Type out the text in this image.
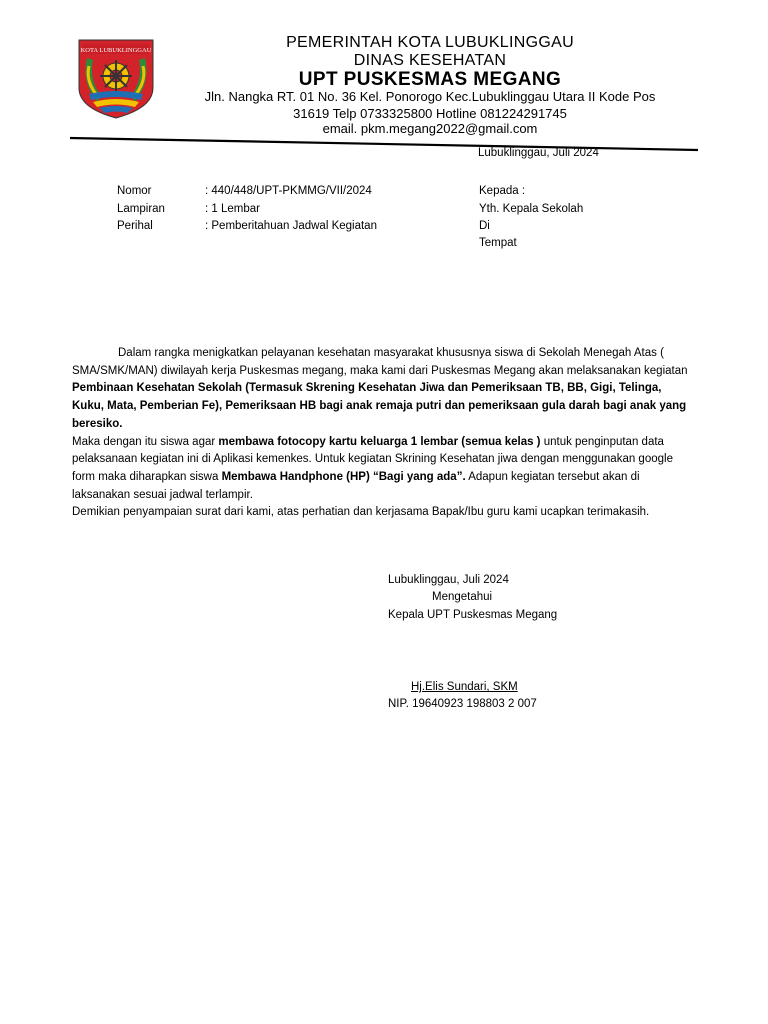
KOTA LUBUKLINGGAU	PEMERINTAH KOTA LUBUKLINGGAU
DINAS KESEHATAN
UPT PUSKESMAS MEGANG
Jln. Nangka RT. 01 No. 36 Kel. Ponorogo Kec.Lubuklinggau Utara II Kode Pos
31619 Telp 0733325800 Hotline 081224291745
email. pkm.megang2022@gmail.com
Lubuklinggau, Juli 2024
Nomor	: 440/448/UPT-PKMMG/VII/2024
Lampiran	: 1 Lembar
Perihal	: Pemberitahuan Jadwal Kegiatan
Kepada :
Yth. Kepala Sekolah
Di
Tempat

Dalam rangka menigkatkan pelayanan kesehatan masyarakat khususnya siswa di Sekolah Menegah Atas ( SMA/SMK/MAN) diwilayah kerja Puskesmas megang, maka kami dari Puskesmas Megang akan melaksanakan kegiatan Pembinaan Kesehatan Sekolah (Termasuk Skrening Kesehatan Jiwa dan Pemeriksaan TB, BB, Gigi, Telinga, Kuku, Mata, Pemberian Fe), Pemeriksaan HB bagi anak remaja putri dan pemeriksaan gula darah bagi anak yang beresiko.

Maka dengan itu siswa agar membawa fotocopy kartu keluarga 1 lembar (semua kelas ) untuk penginputan data pelaksanaan kegiatan ini di Aplikasi kemenkes. Untuk kegiatan Skrining Kesehatan jiwa dengan menggunakan google form maka diharapkan siswa Membawa Handphone (HP) “Bagi yang ada”. Adapun kegiatan tersebut akan di laksanakan sesuai jadwal terlampir.

Demikian penyampaian surat dari kami, atas perhatian dan kerjasama Bapak/Ibu guru kami ucapkan terimakasih.

Lubuklinggau, Juli 2024
Mengetahui
Kepala UPT Puskesmas Megang
Hj.Elis Sundari, SKM
NIP. 19640923 198803 2 007
